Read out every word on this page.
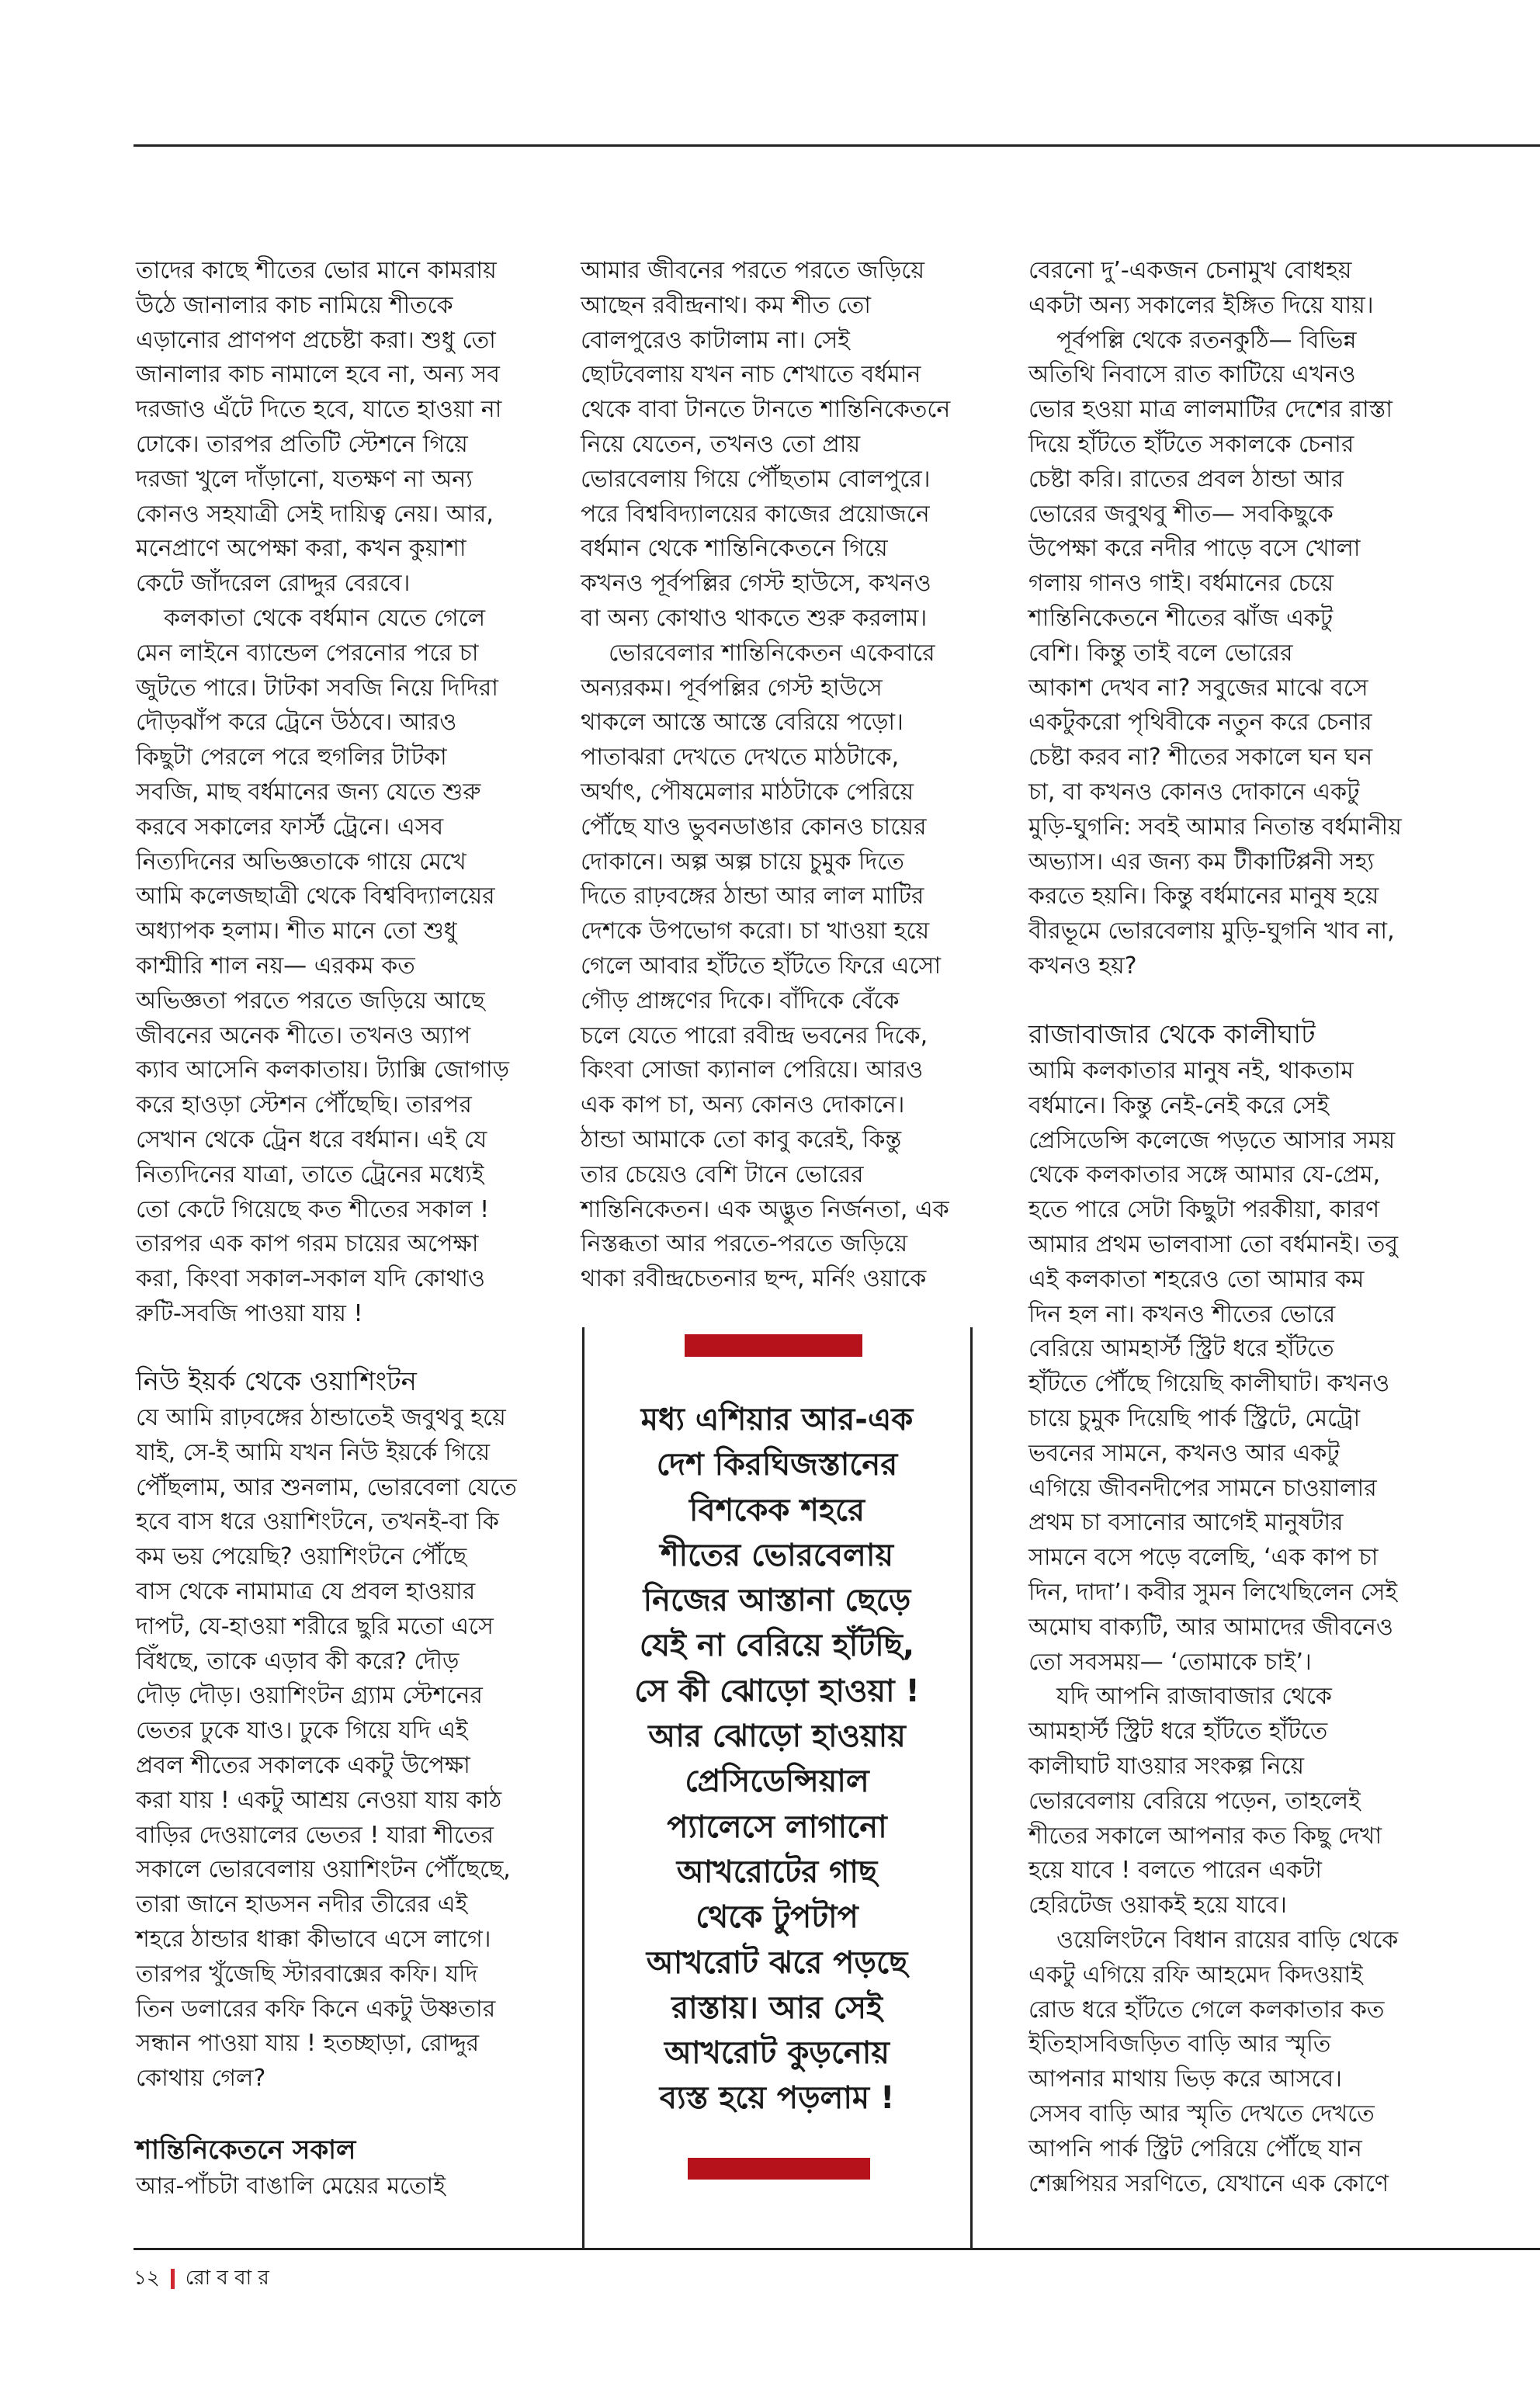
তাদের কাছে শীতের ভোর মানে কামরায়
উঠে জানালার কাচ নামিয়ে শীতকে
এড়ানোর প্রাণপণ প্রচেষ্টা করা। শুধু তো
জানালার কাচ নামালে হবে না, অন্য সব
দরজাও এঁটে দিতে হবে, যাতে হাওয়া না
ঢোকে। তারপর প্রতিটি স্টেশনে গিয়ে
দরজা খুলে দাঁড়ানো, যতক্ষণ না অন্য
কোনও সহযাত্রী সেই দায়িত্ব নেয়। আর,
মনেপ্রাণে অপেক্ষা করা, কখন কুয়াশা
কেটে জাঁদরেল রোদ্দুর বেরবে।
কলকাতা থেকে বর্ধমান যেতে গেলে
মেন লাইনে ব্যান্ডেল পেরনোর পরে চা
জুটতে পারে। টাটকা সবজি নিয়ে দিদিরা
দৌড়ঝাঁপ করে ট্রেনে উঠবে। আরও
কিছুটা পেরলে পরে হুগলির টাটকা
সবজি, মাছ বর্ধমানের জন্য যেতে শুরু
করবে সকালের ফার্স্ট ট্রেনে। এসব
নিত্যদিনের অভিজ্ঞতাকে গায়ে মেখে
আমি কলেজছাত্রী থেকে বিশ্ববিদ্যালয়ের
অধ্যাপক হলাম। শীত মানে তো শুধু
কাশ্মীরি শাল নয়— এরকম কত
অভিজ্ঞতা পরতে পরতে জড়িয়ে আছে
জীবনের অনেক শীতে। তখনও অ্যাপ
ক্যাব আসেনি কলকাতায়। ট্যাক্সি জোগাড়
করে হাওড়া স্টেশন পৌঁছেছি। তারপর
সেখান থেকে ট্রেন ধরে বর্ধমান। এই যে
নিত্যদিনের যাত্রা, তাতে ট্রেনের মধ্যেই
তো কেটে গিয়েছে কত শীতের সকাল !
তারপর এক কাপ গরম চায়ের অপেক্ষা
করা, কিংবা সকাল-সকাল যদি কোথাও
রুটি-সবজি পাওয়া যায় !
নিউ ইয়র্ক থেকে ওয়াশিংটন
যে আমি রাঢ়বঙ্গের ঠান্ডাতেই জবুথবু হয়ে
যাই, সে-ই আমি যখন নিউ ইয়র্কে গিয়ে
পৌঁছলাম, আর শুনলাম, ভোরবেলা যেতে
হবে বাস ধরে ওয়াশিংটনে, তখনই-বা কি
কম ভয় পেয়েছি? ওয়াশিংটনে পৌঁছে
বাস থেকে নামামাত্র যে প্রবল হাওয়ার
দাপট, যে-হাওয়া শরীরে ছুরি মতো এসে
বিঁধছে, তাকে এড়াব কী করে? দৌড়
দৌড় দৌড়। ওয়াশিংটন গ্র্যাম স্টেশনের
ভেতর ঢুকে যাও। ঢুকে গিয়ে যদি এই
প্রবল শীতের সকালকে একটু উপেক্ষা
করা যায় ! একটু আশ্রয় নেওয়া যায় কাঠ
বাড়ির দেওয়ালের ভেতর ! যারা শীতের
সকালে ভোরবেলায় ওয়াশিংটন পৌঁছেছে,
তারা জানে হাডসন নদীর তীরের এই
শহরে ঠান্ডার ধাক্কা কীভাবে এসে লাগে।
তারপর খুঁজেছি স্টারবাক্সের কফি। যদি
তিন ডলারের কফি কিনে একটু উষ্ণতার
সন্ধান পাওয়া যায় ! হতচ্ছাড়া, রোদ্দুর
কোথায় গেল?
শান্তিনিকেতনে সকাল
আর-পাঁচটা বাঙালি মেয়ের মতোই
আমার জীবনের পরতে পরতে জড়িয়ে
আছেন রবীন্দ্রনাথ। কম শীত তো
বোলপুরেও কাটালাম না। সেই
ছোটবেলায় যখন নাচ শেখাতে বর্ধমান
থেকে বাবা টানতে টানতে শান্তিনিকেতনে
নিয়ে যেতেন, তখনও তো প্রায়
ভোরবেলায় গিয়ে পৌঁছতাম বোলপুরে।
পরে বিশ্ববিদ্যালয়ের কাজের প্রয়োজনে
বর্ধমান থেকে শান্তিনিকেতনে গিয়ে
কখনও পূর্বপল্লির গেস্ট হাউসে, কখনও
বা অন্য কোথাও থাকতে শুরু করলাম।
ভোরবেলার শান্তিনিকেতন একেবারে
অন্যরকম। পূর্বপল্লির গেস্ট হাউসে
থাকলে আস্তে আস্তে বেরিয়ে পড়ো।
পাতাঝরা দেখতে দেখতে মাঠটাকে,
অর্থাৎ, পৌষমেলার মাঠটাকে পেরিয়ে
পৌঁছে যাও ভুবনডাঙার কোনও চায়ের
দোকানে। অল্প অল্প চায়ে চুমুক দিতে
দিতে রাঢ়বঙ্গের ঠান্ডা আর লাল মাটির
দেশকে উপভোগ করো। চা খাওয়া হয়ে
গেলে আবার হাঁটতে হাঁটতে ফিরে এসো
গৌড় প্রাঙ্গণের দিকে। বাঁদিকে বেঁকে
চলে যেতে পারো রবীন্দ্র ভবনের দিকে,
কিংবা সোজা ক্যানাল পেরিয়ে। আরও
এক কাপ চা, অন্য কোনও দোকানে।
ঠান্ডা আমাকে তো কাবু করেই, কিন্তু
তার চেয়েও বেশি টানে ভোরের
শান্তিনিকেতন। এক অদ্ভুত নির্জনতা, এক
নিস্তব্ধতা আর পরতে-পরতে জড়িয়ে
থাকা রবীন্দ্রচেতনার ছন্দ, মর্নিং ওয়াকে
মধ্য এশিয়ার আর-এক
দেশ কিরঘিজস্তানের
বিশকেক শহরে
শীতের ভোরবেলায়
নিজের আস্তানা ছেড়ে
যেই না বেরিয়ে হাঁটছি,
সে কী ঝোড়ো হাওয়া !
আর ঝোড়ো হাওয়ায়
প্রেসিডেন্সিয়াল
প্যালেসে লাগানো
আখরোটের গাছ
থেকে টুপটাপ
আখরোট ঝরে পড়ছে
রাস্তায়। আর সেই
আখরোট কুড়নোয়
ব্যস্ত হয়ে পড়লাম !
বেরনো দু’-একজন চেনামুখ বোধহয়
একটা অন্য সকালের ইঙ্গিত দিয়ে যায়।
পূর্বপল্লি থেকে রতনকুঠি— বিভিন্ন
অতিথি নিবাসে রাত কাটিয়ে এখনও
ভোর হওয়া মাত্র লালমাটির দেশের রাস্তা
দিয়ে হাঁটতে হাঁটতে সকালকে চেনার
চেষ্টা করি। রাতের প্রবল ঠান্ডা আর
ভোরের জবুথবু শীত— সবকিছুকে
উপেক্ষা করে নদীর পাড়ে বসে খোলা
গলায় গানও গাই। বর্ধমানের চেয়ে
শান্তিনিকেতনে শীতের ঝাঁজ একটু
বেশি। কিন্তু তাই বলে ভোরের
আকাশ দেখব না? সবুজের মাঝে বসে
একটুকরো পৃথিবীকে নতুন করে চেনার
চেষ্টা করব না? শীতের সকালে ঘন ঘন
চা, বা কখনও কোনও দোকানে একটু
মুড়ি-ঘুগনি: সবই আমার নিতান্ত বর্ধমানীয়
অভ্যাস। এর জন্য কম টীকাটিপ্পনী সহ্য
করতে হয়নি। কিন্তু বর্ধমানের মানুষ হয়ে
বীরভূমে ভোরবেলায় মুড়ি-ঘুগনি খাব না,
কখনও হয়?
রাজাবাজার থেকে কালীঘাট
আমি কলকাতার মানুষ নই, থাকতাম
বর্ধমানে। কিন্তু নেই-নেই করে সেই
প্রেসিডেন্সি কলেজে পড়তে আসার সময়
থেকে কলকাতার সঙ্গে আমার যে-প্রেম,
হতে পারে সেটা কিছুটা পরকীয়া, কারণ
আমার প্রথম ভালবাসা তো বর্ধমানই। তবু
এই কলকাতা শহরেও তো আমার কম
দিন হল না। কখনও শীতের ভোরে
বেরিয়ে আমহার্স্ট স্ট্রিট ধরে হাঁটতে
হাঁটতে পৌঁছে গিয়েছি কালীঘাট। কখনও
চায়ে চুমুক দিয়েছি পার্ক স্ট্রিটে, মেট্রো
ভবনের সামনে, কখনও আর একটু
এগিয়ে জীবনদীপের সামনে চাওয়ালার
প্রথম চা বসানোর আগেই মানুষটার
সামনে বসে পড়ে বলেছি, ‘এক কাপ চা
দিন, দাদা’। কবীর সুমন লিখেছিলেন সেই
অমোঘ বাক্যটি, আর আমাদের জীবনেও
তো সবসময়— ‘তোমাকে চাই’।
যদি আপনি রাজাবাজার থেকে
আমহার্স্ট স্ট্রিট ধরে হাঁটতে হাঁটতে
কালীঘাট যাওয়ার সংকল্প নিয়ে
ভোরবেলায় বেরিয়ে পড়েন, তাহলেই
শীতের সকালে আপনার কত কিছু দেখা
হয়ে যাবে ! বলতে পারেন একটা
হেরিটেজ ওয়াকই হয়ে যাবে।
ওয়েলিংটনে বিধান রায়ের বাড়ি থেকে
একটু এগিয়ে রফি আহমেদ কিদওয়াই
রোড ধরে হাঁটতে গেলে কলকাতার কত
ইতিহাসবিজড়িত বাড়ি আর স্মৃতি
আপনার মাথায় ভিড় করে আসবে।
সেসব বাড়ি আর স্মৃতি দেখতে দেখতে
আপনি পার্ক স্ট্রিট পেরিয়ে পৌঁছে যান
শেক্সপিয়র সরণিতে, যেখানে এক কোণে
১২ রো ব বা র
